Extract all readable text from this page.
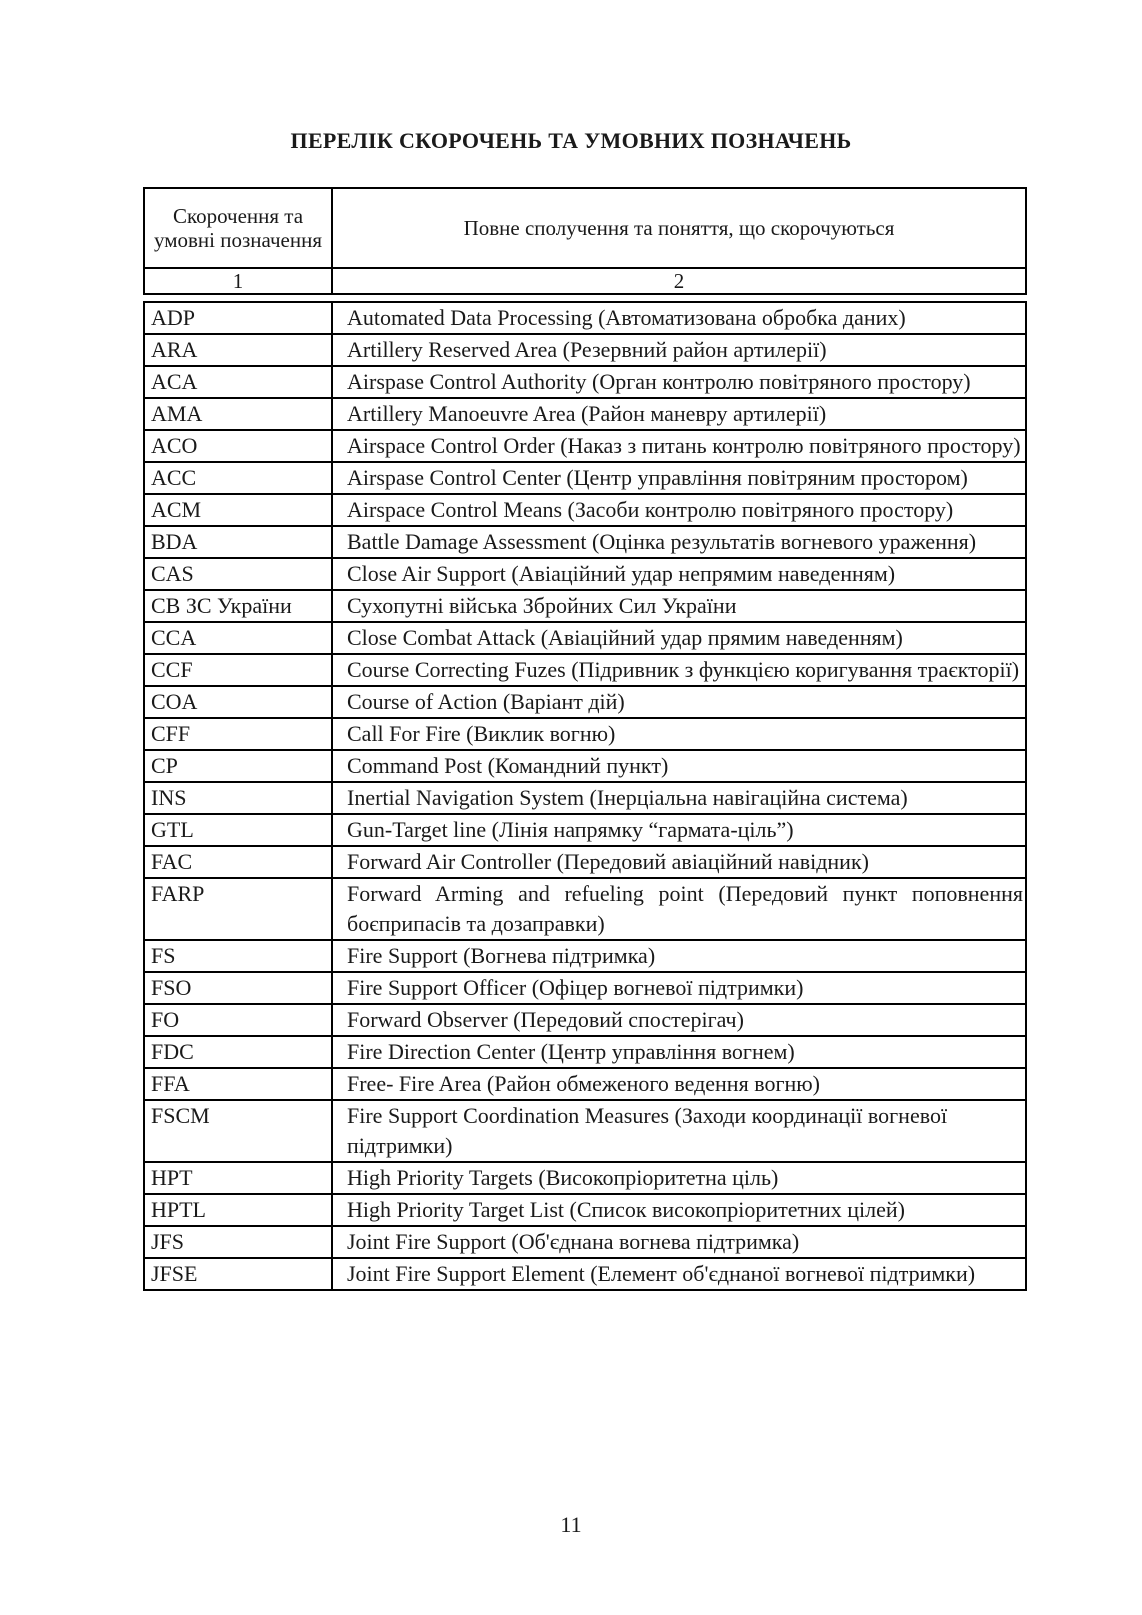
ПЕРЕЛІК СКОРОЧЕНЬ ТА УМОВНИХ ПОЗНАЧЕНЬ
Скорочення та умовні позначення	Повне сполучення та поняття, що скорочуються
1	2
ADP	Automated Data Processing (Автоматизована обробка даних)
ARA	Artillery Reserved Area (Резервний район артилерії)
ACA	Airspase Control Authority (Орган контролю повітряного простору)
AMA	Artillery Manoeuvre Area (Район маневру артилерії)
ACO	Airspace Control Order (Наказ з питань контролю повітряного простору)
ACC	Airspase Control Center (Центр управління повітряним простором)
ACM	Airspace Control Means (Засоби контролю повітряного простору)
BDA	Battle Damage Assessment (Оцінка результатів вогневого ураження)
CAS	Close Air Support (Авіаційний удар непрямим наведенням)
СВ ЗС України	Сухопутні війська Збройних Сил України
CCA	Close Combat Attack (Авіаційний удар прямим наведенням)
CCF	Course Correcting Fuzes (Підривник з функцією коригування траєкторії)
COA	Course of Action (Варіант дій)
CFF	Call For Fire (Виклик вогню)
CP	Command Post (Командний пункт)
INS	Inertial Navigation System (Інерціальна навігаційна система)
GTL	Gun-Target line (Лінія напрямку “гармата-ціль”)
FAC	Forward Air Controller (Передовий авіаційний навідник)
FARP	Forward Arming and refueling point (Передовий пункт поповнення боєприпасів та дозаправки)
FS	Fire Support (Вогнева підтримка)
FSO	Fire Support Officer (Офіцер вогневої підтримки)
FO	Forward Observer (Передовий спостерігач)
FDC	Fire Direction Center (Центр управління вогнем)
FFA	Free- Fire Area (Район обмеженого ведення вогню)
FSCM	Fire Support Coordination Measures (Заходи координації вогневої підтримки)
HPT	High Priority Targets (Високопріоритетна ціль)
HPTL	High Priority Target List (Список високопріоритетних цілей)
JFS	Joint Fire Support (Об'єднана вогнева підтримка)
JFSE	Joint Fire Support Element (Елемент об'єднаної вогневої підтримки)
11
